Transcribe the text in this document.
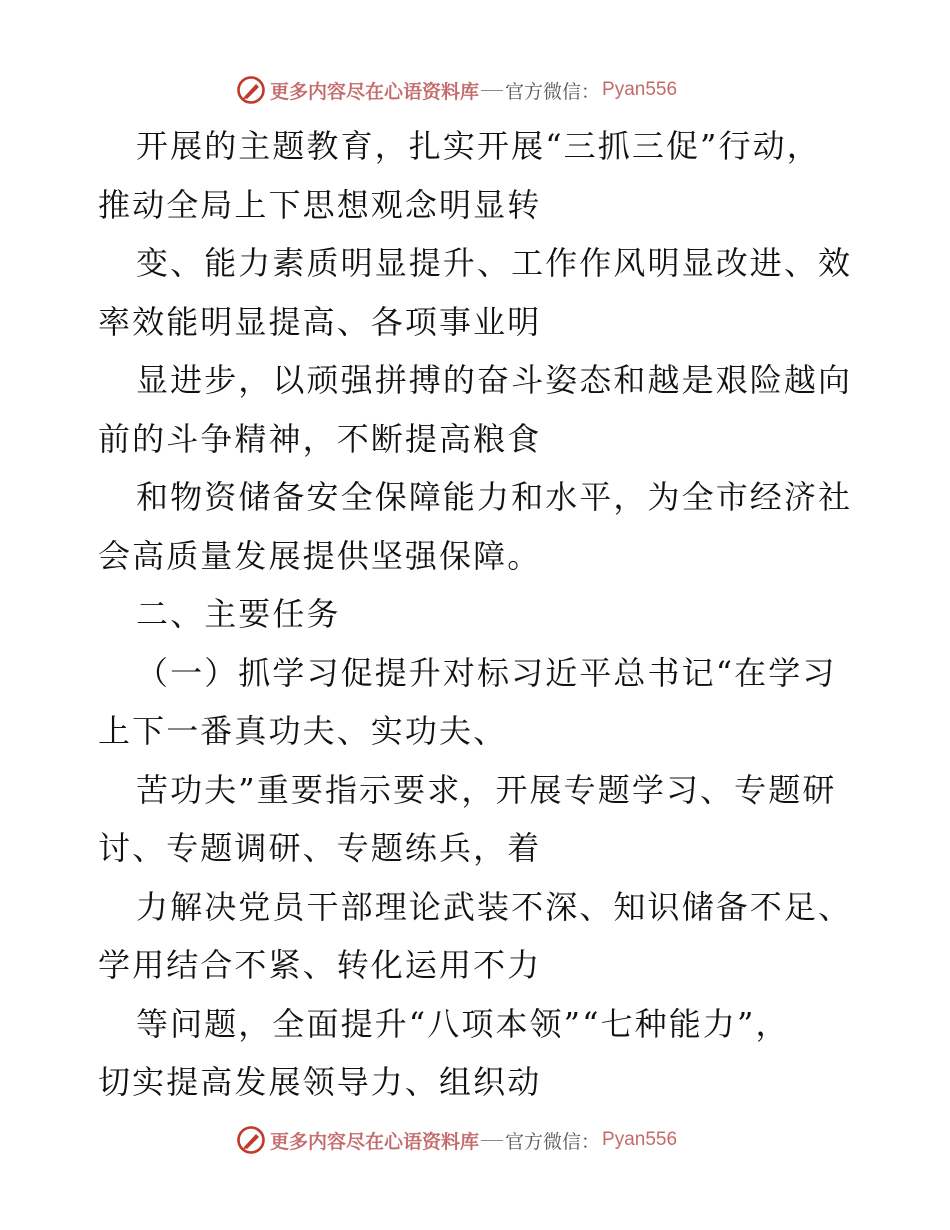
更多内容尽在心语资料库 官方微信： Pyan556
开展的主题教育，扎实开展“三抓三促”行动，
推动全局上下思想观念明显转
变、能力素质明显提升、工作作风明显改进、效
率效能明显提高、各项事业明
显进步，以顽强拼搏的奋斗姿态和越是艰险越向
前的斗争精神，不断提高粮食
和物资储备安全保障能力和水平，为全市经济社
会高质量发展提供坚强保障。
二、主要任务
（一）抓学习促提升对标习近平总书记“在学习
上下一番真功夫、实功夫、
苦功夫”重要指示要求，开展专题学习、专题研
讨、专题调研、专题练兵，着
力解决党员干部理论武装不深、知识储备不足、
学用结合不紧、转化运用不力
等问题，全面提升“八项本领”“七种能力”，
切实提高发展领导力、组织动
更多内容尽在心语资料库 官方微信： Pyan556
